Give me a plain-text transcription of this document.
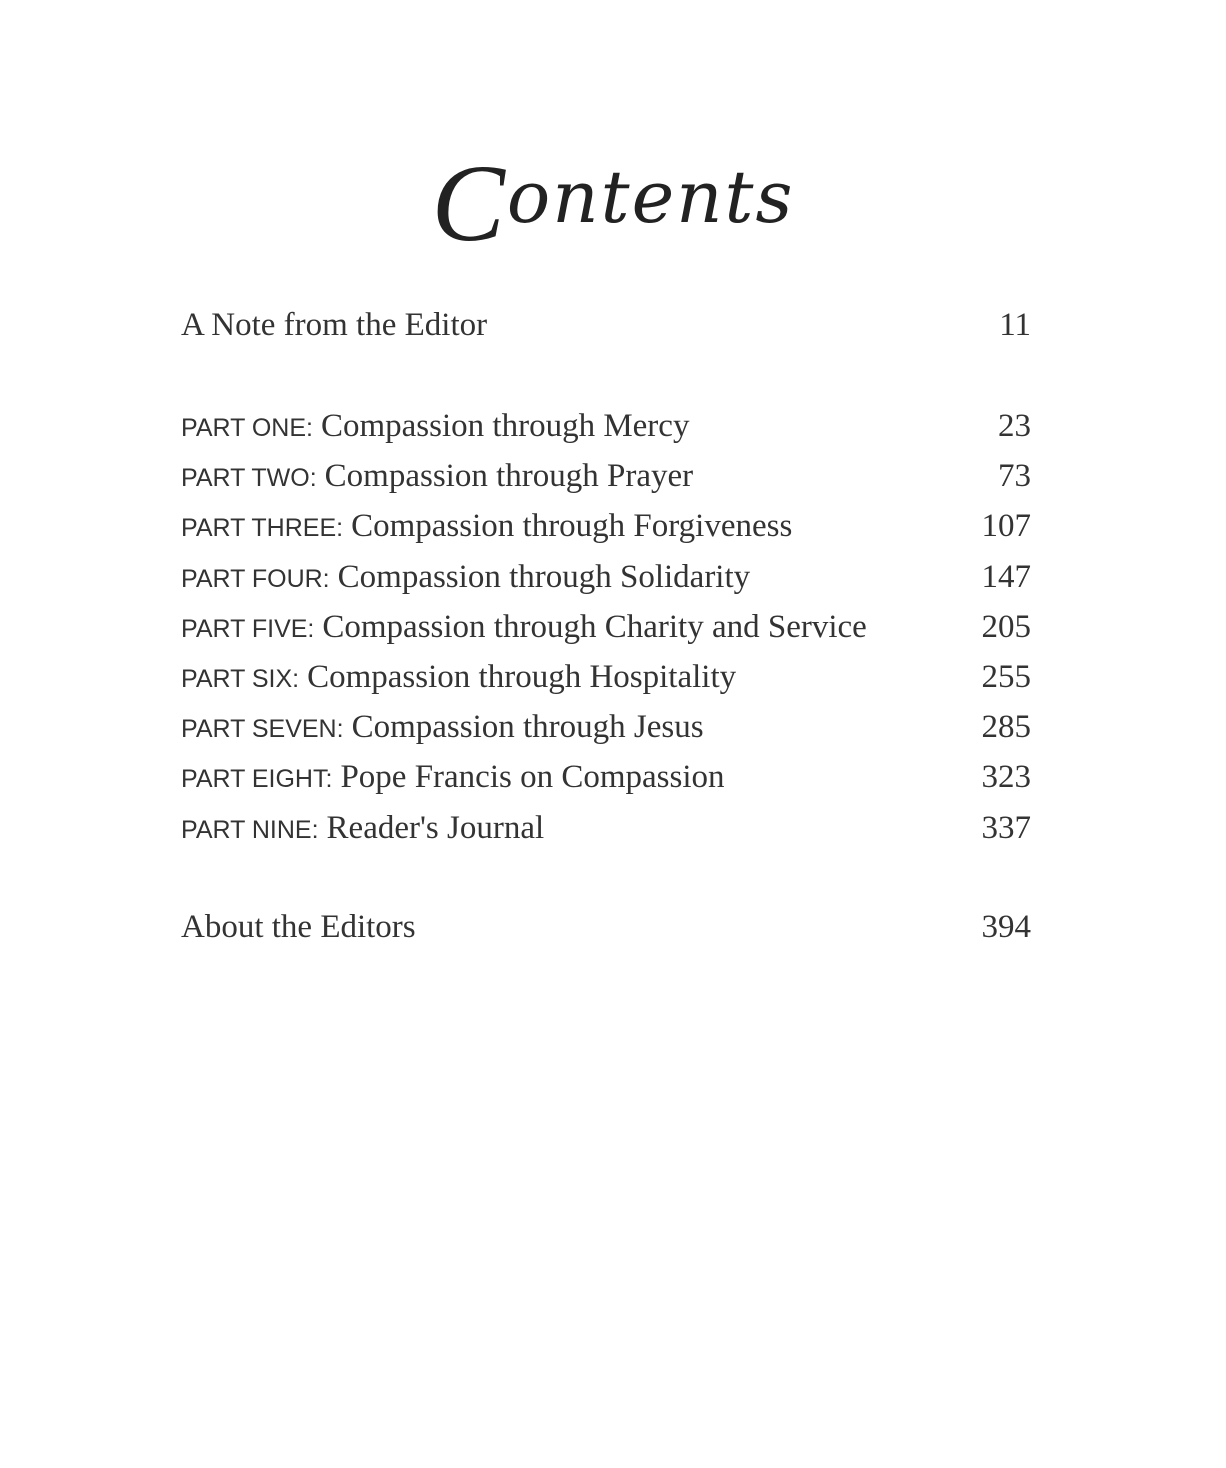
Contents
A Note from the Editor	11
PART ONE: Compassion through Mercy	23
PART TWO: Compassion through Prayer	73
PART THREE: Compassion through Forgiveness	107
PART FOUR: Compassion through Solidarity	147
PART FIVE: Compassion through Charity and Service	205
PART SIX: Compassion through Hospitality	255
PART SEVEN: Compassion through Jesus	285
PART EIGHT: Pope Francis on Compassion	323
PART NINE: Reader's Journal	337
About the Editors	394
